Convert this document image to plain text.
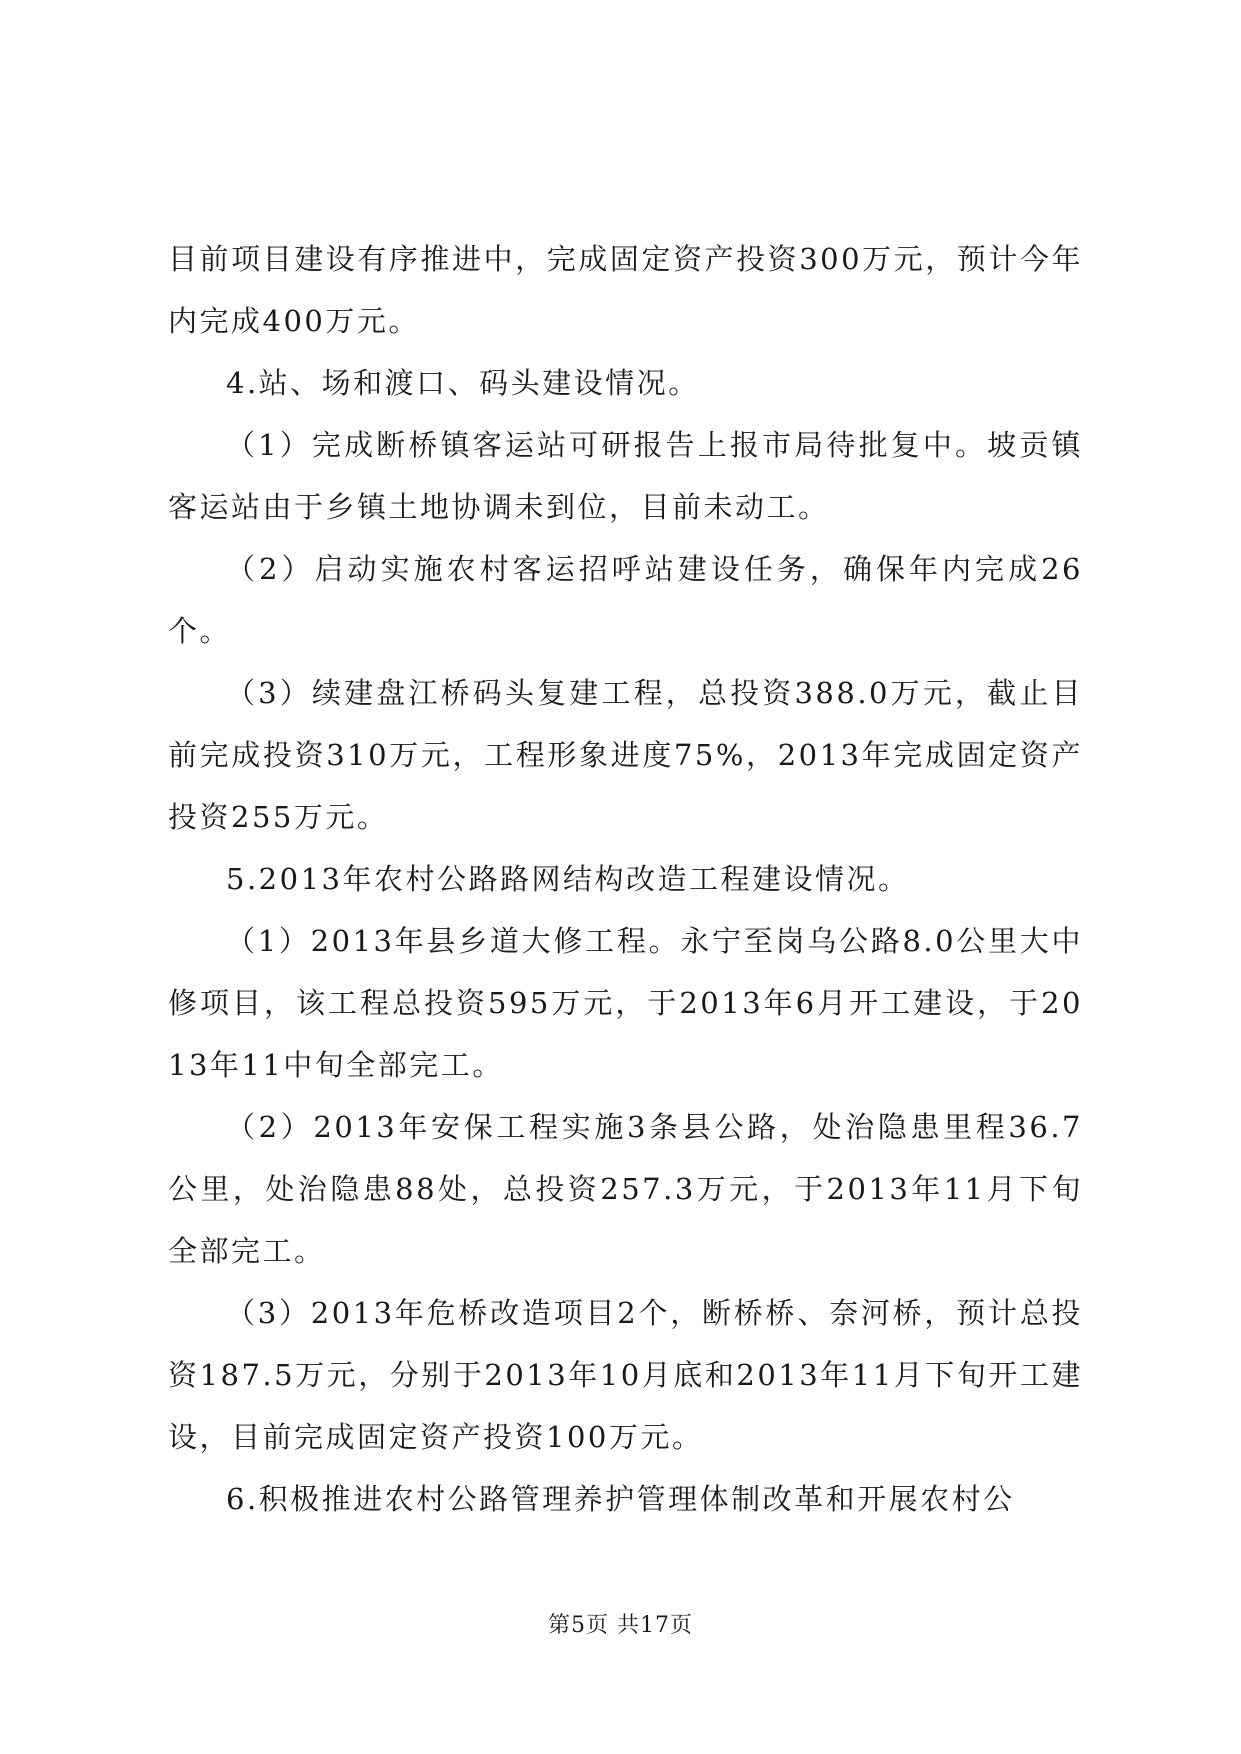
目前项目建设有序推进中，完成固定资产投资300万元，预计今年内完成400万元。

4.站、场和渡口、码头建设情况。

（1）完成断桥镇客运站可研报告上报市局待批复中。坡贡镇客运站由于乡镇土地协调未到位，目前未动工。

（2）启动实施农村客运招呼站建设任务，确保年内完成26个。

（3）续建盘江桥码头复建工程，总投资388.0万元，截止目前完成投资310万元，工程形象进度75%，2013年完成固定资产投资255万元。

5.2013年农村公路路网结构改造工程建设情况。

（1）2013年县乡道大修工程。永宁至岗乌公路8.0公里大中修项目，该工程总投资595万元，于2013年6月开工建设，于2013年11中旬全部完工。

（2）2013年安保工程实施3条县公路，处治隐患里程36.7公里，处治隐患88处，总投资257.3万元，于2013年11月下旬全部完工。

（3）2013年危桥改造项目2个，断桥桥、奈河桥，预计总投资187.5万元，分别于2013年10月底和2013年11月下旬开工建设，目前完成固定资产投资100万元。

6.积极推进农村公路管理养护管理体制改革和开展农村公

第5页 共17页
